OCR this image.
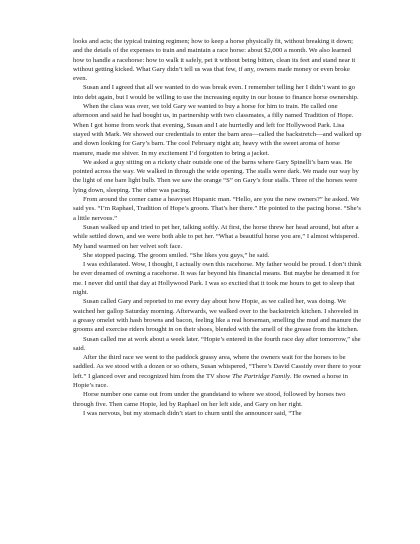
looks and acts; the typical training regimen; how to keep a horse physically fit, without breaking it down; and the details of the expenses to train and maintain a race horse: about $2,000 a month. We also learned how to handle a racehorse: how to walk it safely, pet it without being bitten, clean its feet and stand near it without getting kicked. What Gary didn’t tell us was that few, if any, owners made money or even broke even.

Susan and I agreed that all we wanted to do was break even. I remember telling her I didn’t want to go into debt again, but I would be willing to use the increasing equity in our house to finance horse ownership.

When the class was over, we told Gary we wanted to buy a horse for him to train. He called one afternoon and said he had bought us, in partnership with two classmates, a filly named Tradition of Hope. When I got home from work that evening, Susan and I ate hurriedly and left for Hollywood Park. Lisa stayed with Mark. We showed our credentials to enter the barn area—called the backstretch—and walked up and down looking for Gary’s barn. The cool February night air, heavy with the sweet aroma of horse manure, made me shiver. In my excitement I’d forgotten to bring a jacket.

We asked a guy sitting on a rickety chair outside one of the barns where Gary Spinelli’s barn was. He pointed across the way. We walked in through the wide opening. The stalls were dark. We made our way by the light of one bare light bulb. Then we saw the orange “S” on Gary’s four stalls. Three of the horses were lying down, sleeping. The other was pacing.

From around the corner came a heavyset Hispanic man. “Hello, are you the new owners?” he asked. We said yes. “I’m Raphael, Tradition of Hope’s groom. That’s her there.” He pointed to the pacing horse. “She’s a little nervous.”

Susan walked up and tried to pet her, talking softly. At first, the horse threw her head around, but after a while settled down, and we were both able to pet her. “What a beautiful horse you are,” I almost whispered. My hand warmed on her velvet soft face.

She stopped pacing. The groom smiled. “She likes you guys,” he said.

I was exhilarated. Wow, I thought, I actually own this racehorse. My father would be proud. I don’t think he ever dreamed of owning a racehorse. It was far beyond his financial means. But maybe he dreamed it for me. I never did until that day at Hollywood Park. I was so excited that it took me hours to get to sleep that night.

Susan called Gary and reported to me every day about how Hopie, as we called her, was doing. We watched her gallop Saturday morning. Afterwards, we walked over to the backstretch kitchen. I shoveled in a greasy omelet with hash browns and bacon, feeling like a real horseman, smelling the mud and manure the grooms and exercise riders brought in on their shoes, blended with the smell of the grease from the kitchen.

Susan called me at work about a week later. “Hopie’s entered in the fourth race day after tomorrow,” she said.

After the third race we went to the paddock grassy area, where the owners wait for the horses to be saddled. As we stood with a dozen or so others, Susan whispered, “There’s David Cassidy over there to your left.” I glanced over and recognized him from the TV show The Partridge Family. He owned a horse in Hopie’s race.

Horse number one came out from under the grandstand to where we stood, followed by horses two through five. Then came Hopie, led by Raphael on her left side, and Gary on her right.

I was nervous, but my stomach didn’t start to churn until the announcer said, “The
